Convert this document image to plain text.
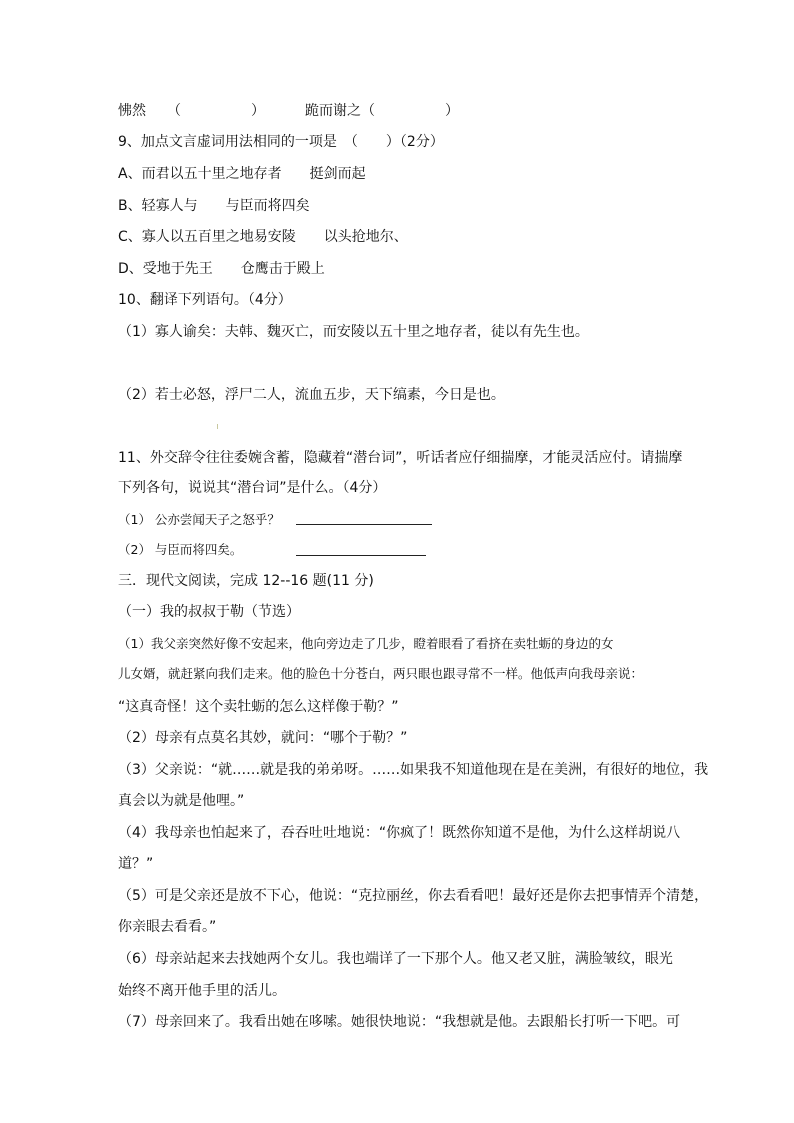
怫然　　（　　　　　）	跪而谢之（　　　　　）
9、加点文言虚词用法相同的一项是　（　　）（2分）
A、而君以五十里之地存者　　挺剑而起
B、轻寡人与　　与臣而将四矣
C、寡人以五百里之地易安陵　　以头抢地尔、
D、受地于先王　　仓鹰击于殿上
10、翻译下列语句。（4分）
（1）寡人谕矣：夫韩、魏灭亡，而安陵以五十里之地存者，徒以有先生也。
（2）若士必怒，浮尸二人，流血五步，天下缟素，今日是也。
11、外交辞令往往委婉含蓄，隐藏着“潜台词”，听话者应仔细揣摩，才能灵活应付。请揣摩
下列各句，说说其“潜台词”是什么。（4分）
（1） 公亦尝闻天子之怒乎？
（2） 与臣而将四矣。
三．现代文阅读，完成 12--16 题(11 分)
（一）我的叔叔于勒（节选）
（1）我父亲突然好像不安起来，他向旁边走了几步，瞪着眼看了看挤在卖牡蛎的身边的女
儿女婿，就赶紧向我们走来。他的脸色十分苍白，两只眼也跟寻常不一样。他低声向我母亲说：
“这真奇怪！这个卖牡蛎的怎么这样像于勒？”
（2）母亲有点莫名其妙，就问：“哪个于勒？”
（3）父亲说：“就……就是我的弟弟呀。……如果我不知道他现在是在美洲，有很好的地位，我
真会以为就是他哩。”
（4）我母亲也怕起来了，吞吞吐吐地说：“你疯了！既然你知道不是他，为什么这样胡说八
道？”
（5）可是父亲还是放不下心，他说：“克拉丽丝，你去看看吧！最好还是你去把事情弄个清楚，
你亲眼去看看。”
（6）母亲站起来去找她两个女儿。我也端详了一下那个人。他又老又脏，满脸皱纹，眼光
始终不离开他手里的活儿。
（7）母亲回来了。我看出她在哆嗦。她很快地说：“我想就是他。去跟船长打听一下吧。可
